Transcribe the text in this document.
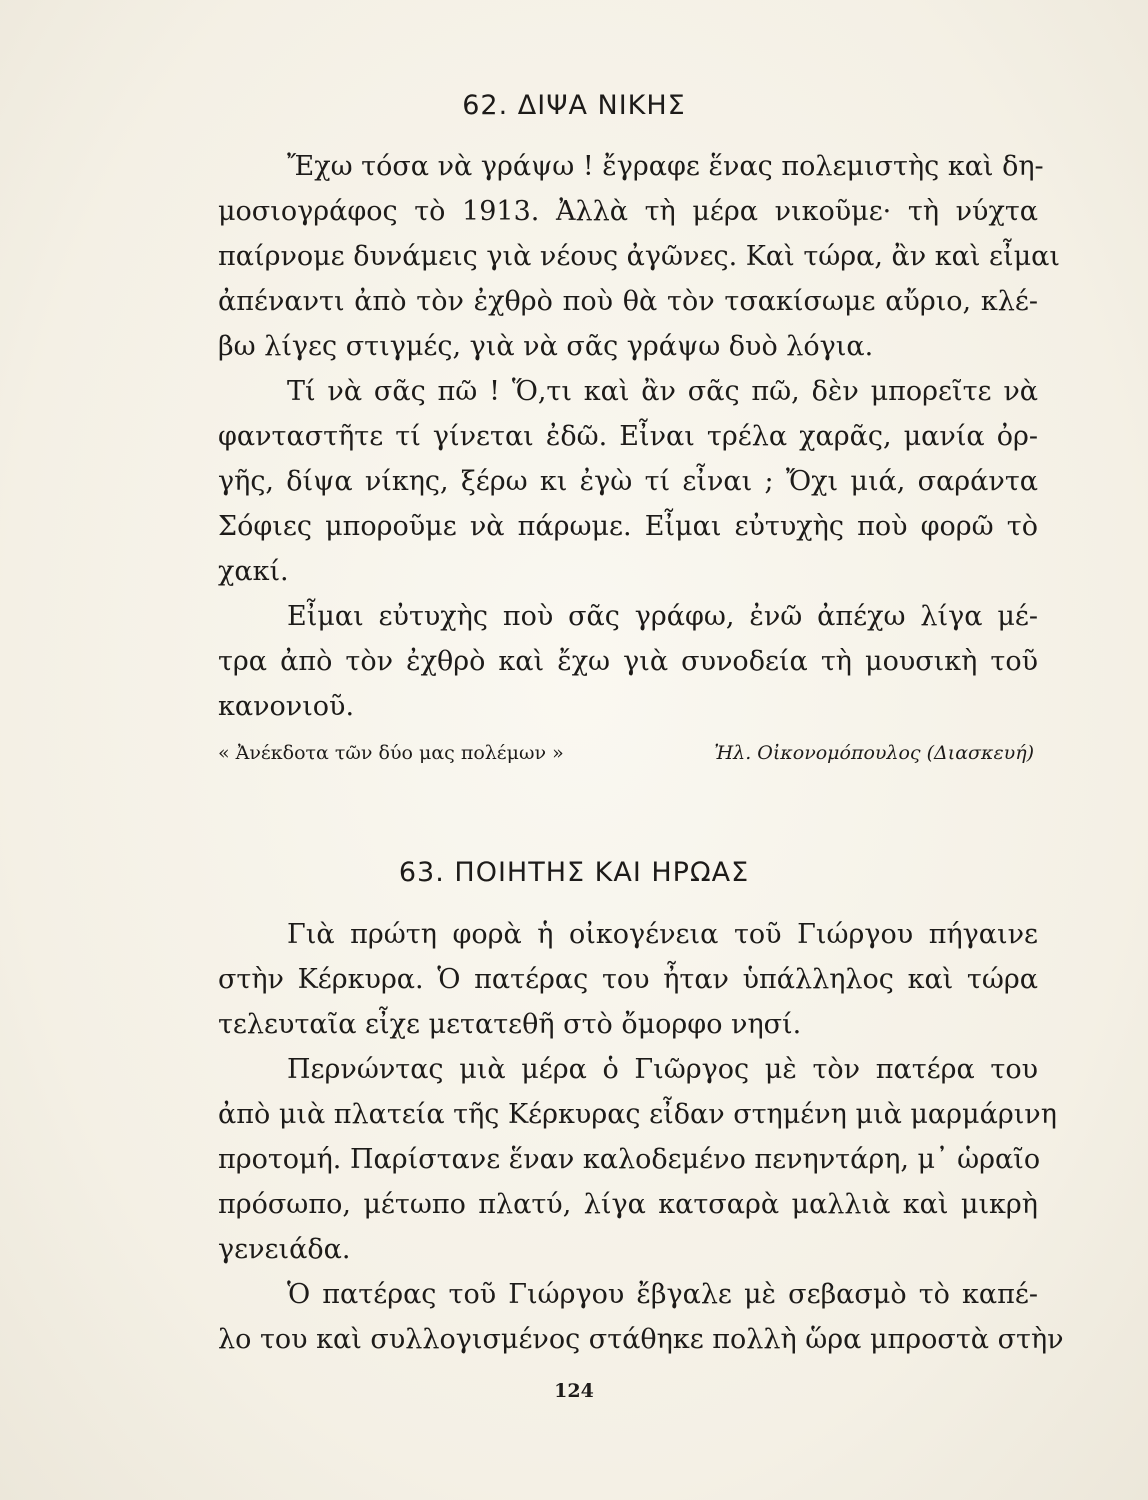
62. ΔΙΨΑ ΝΙΚΗΣ
Ἔχω τόσα νὰ γράψω ! ἔγραφε ἕνας πολεμιστὴς καὶ δη-
μοσιογράφος τὸ 1913. Ἀλλὰ τὴ μέρα νικοῦμε· τὴ νύχτα
παίρνομε δυνάμεις γιὰ νέους ἀγῶνες. Καὶ τώρα, ἂν καὶ εἶμαι
ἀπέναντι ἀπὸ τὸν ἐχθρὸ ποὺ θὰ τὸν τσακίσωμε αὔριο, κλέ-
βω λίγες στιγμές, γιὰ νὰ σᾶς γράψω δυὸ λόγια.
Τί νὰ σᾶς πῶ ! Ὅ,τι καὶ ἂν σᾶς πῶ, δὲν μπορεῖτε νὰ
φανταστῆτε τί γίνεται ἐδῶ. Εἶναι τρέλα χαρᾶς, μανία ὀρ-
γῆς, δίψα νίκης, ξέρω κι ἐγὼ τί εἶναι ; Ὄχι μιά, σαράντα
Σόφιες μποροῦμε νὰ πάρωμε. Εἶμαι εὐτυχὴς ποὺ φορῶ τὸ
χακί.
Εἶμαι εὐτυχὴς ποὺ σᾶς γράφω, ἐνῶ ἀπέχω λίγα μέ-
τρα ἀπὸ τὸν ἐχθρὸ καὶ ἔχω γιὰ συνοδεία τὴ μουσικὴ τοῦ
« Ἀνέκδοτα τῶν δύο μας πολέμων »	Ἠλ. Οἰκονομόπουλος (Διασκευή)
63. ΠΟΙΗΤΗΣ ΚΑΙ ΗΡΩΑΣ
Γιὰ πρώτη φορὰ ἡ οἰκογένεια τοῦ Γιώργου πήγαινε
στὴν Κέρκυρα. Ὁ πατέρας του ἦταν ὑπάλληλος καὶ τώρα
τελευταῖα εἶχε μετατεθῆ στὸ ὄμορφο νησί.
Περνώντας μιὰ μέρα ὁ Γιῶργος μὲ τὸν πατέρα του
ἀπὸ μιὰ πλατεία τῆς Κέρκυρας εἶδαν στημένη μιὰ μαρμάρινη
προτομή. Παρίστανε ἕναν καλοδεμένο πενηντάρη, μ᾿ ὡραῖο
πρόσωπο, μέτωπο πλατύ, λίγα κατσαρὰ μαλλιὰ καὶ μικρὴ
γενειάδα.
Ὁ πατέρας τοῦ Γιώργου ἔβγαλε μὲ σεβασμὸ τὸ καπέ-
λο του καὶ συλλογισμένος στάθηκε πολλὴ ὥρα μπροστὰ στὴν
124
κανονιοῦ.
